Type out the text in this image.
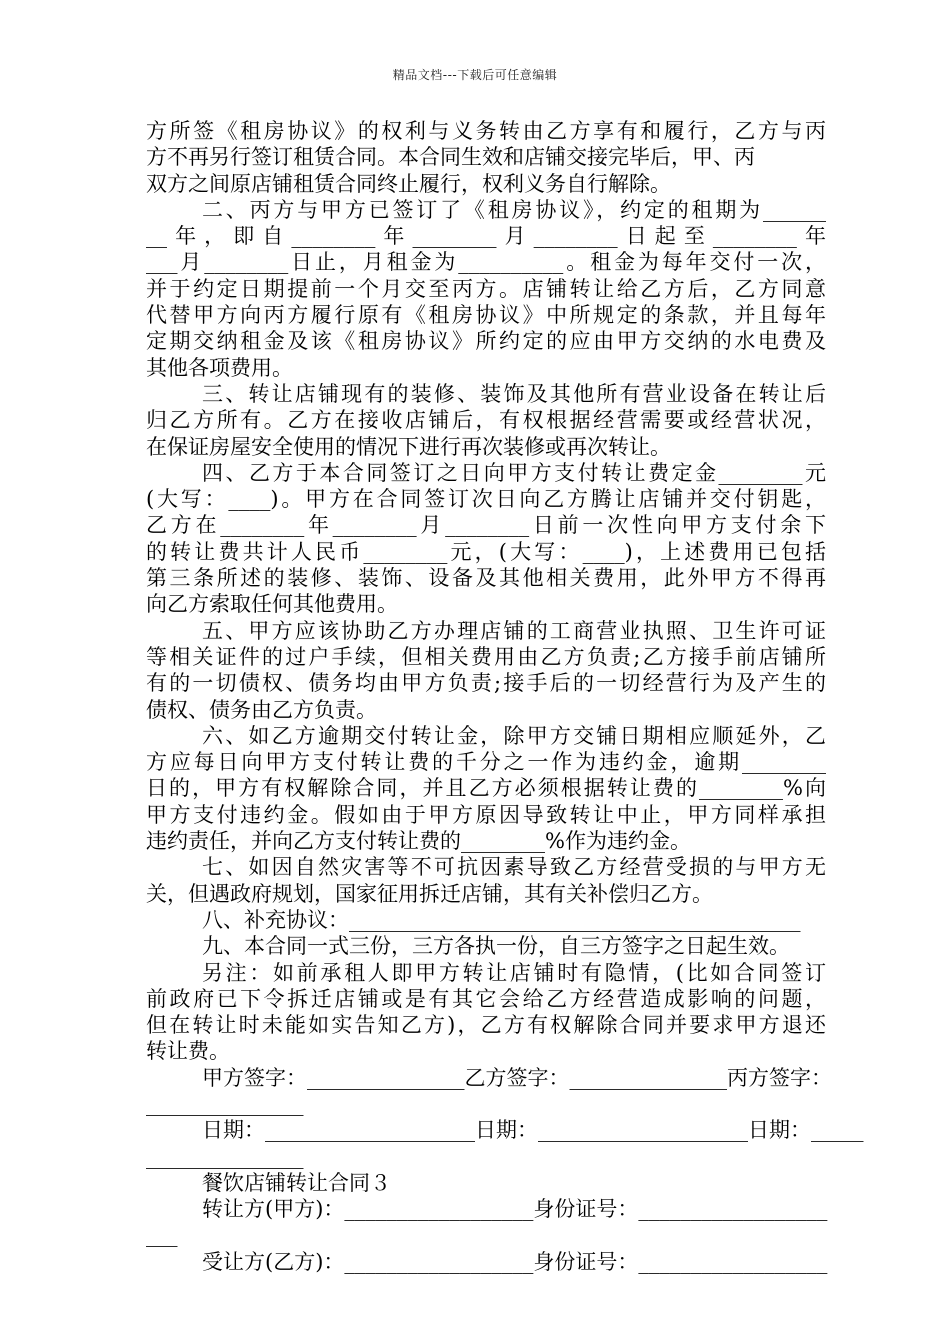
精品文档---下载后可任意编辑
方所签《租房协议》的权利与义务转由乙方享有和履行，乙方与丙
方不再另行签订租赁合同。本合同生效和店铺交接完毕后，甲、丙
双方之间原店铺租赁合同终止履行，权利义务自行解除。
二、丙方与甲方已签订了《租房协议》，约定的租期为______
__年，即自________年________月________日起至________年
___月________日止，月租金为__________。租金为每年交付一次，
并于约定日期提前一个月交至丙方。店铺转让给乙方后，乙方同意
代替甲方向丙方履行原有《租房协议》中所规定的条款，并且每年
定期交纳租金及该《租房协议》所约定的应由甲方交纳的水电费及
其他各项费用。
三、转让店铺现有的装修、装饰及其他所有营业设备在转让后
归乙方所有。乙方在接收店铺后，有权根据经营需要或经营状况，
在保证房屋安全使用的情况下进行再次装修或再次转让。
四、乙方于本合同签订之日向甲方支付转让费定金________元
(大写：____)。甲方在合同签订次日向乙方腾让店铺并交付钥匙，
乙方在________年________月________日前一次性向甲方支付余下
的转让费共计人民币________元，(大写：____)，上述费用已包括
第三条所述的装修、装饰、设备及其他相关费用，此外甲方不得再
向乙方索取任何其他费用。
五、甲方应该协助乙方办理店铺的工商营业执照、卫生许可证
等相关证件的过户手续，但相关费用由乙方负责;乙方接手前店铺所
有的一切债权、债务均由甲方负责;接手后的一切经营行为及产生的
债权、债务由乙方负责。
六、如乙方逾期交付转让金，除甲方交铺日期相应顺延外，乙
方应每日向甲方支付转让费的千分之一作为违约金，逾期________
日的，甲方有权解除合同，并且乙方必须根据转让费的________%向
甲方支付违约金。假如由于甲方原因导致转让中止，甲方同样承担
违约责任，并向乙方支付转让费的________%作为违约金。
七、如因自然灾害等不可抗因素导致乙方经营受损的与甲方无
关，但遇政府规划，国家征用拆迁店铺，其有关补偿归乙方。
八、补充协议：___________________________________________
九、本合同一式三份，三方各执一份，自三方签字之日起生效。
另注：如前承租人即甲方转让店铺时有隐情，(比如合同签订
前政府已下令拆迁店铺或是有其它会给乙方经营造成影响的问题，
但在转让时未能如实告知乙方)，乙方有权解除合同并要求甲方退还
转让费。
甲方签字：_______________乙方签字：_______________丙方签字：
_______________
日期：____________________日期：____________________日期：_____
_______________
餐饮店铺转让合同３
转让方(甲方)：__________________身份证号：__________________
___
受让方(乙方)：__________________身份证号：__________________
